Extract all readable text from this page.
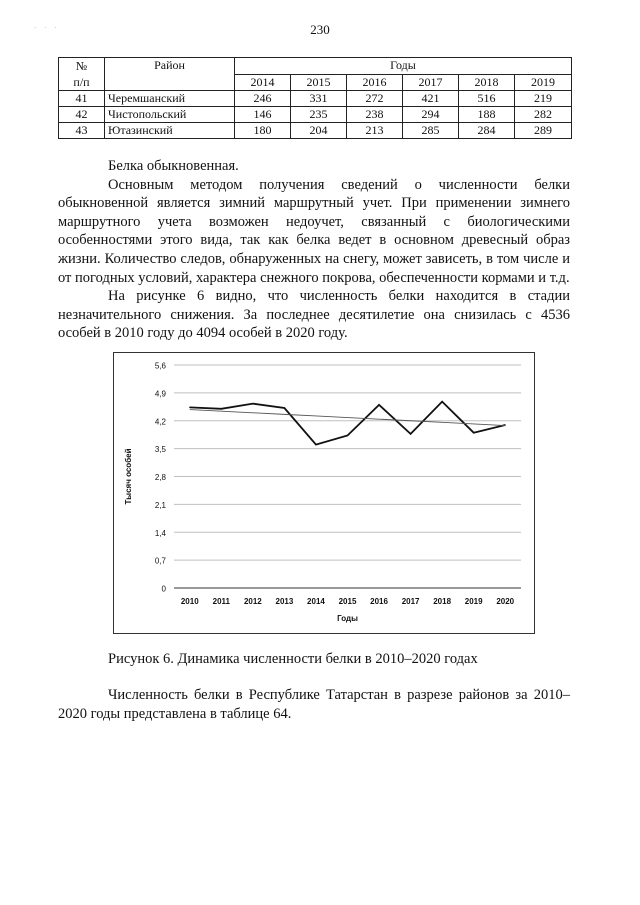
· · ·	230
№
п/п	Район	Годы					
		2014	2015	2016	2017	2018	2019
41	Черемшанский	246	331	272	421	516	219
42	Чистопольский	146	235	238	294	188	282
43	Ютазинский	180	204	213	285	284	289

Белка обыкновенная.

Основным методом получения сведений о численности белки обыкновенной является зимний маршрутный учет. При применении зимнего маршрутного учета возможен недоучет, связанный с биологическими особенностями этого вида, так как белка ведет в основном древесный образ жизни. Количество следов, обнаруженных на снегу, может зависеть, в том числе и от погодных условий, характера снежного покрова, обеспеченности кормами и т.д.

На рисунке 6 видно, что численность белки находится в стадии незначительного снижения. За последнее десятилетие она снизилась с 4536 особей в 2010 году до 4094 особей в 2020 году.

0
0,7
1,4
2,1
2,8
3,5
4,2
4,9
5,6
2010 2011 2012 2013 2014 2015 2016 2017 2018 2019 2020
Годы
Тысяч особей
Рисунок 6. Динамика численности белки в 2010–2020 годах

Численность белки в Республике Татарстан в разрезе районов за 2010–2020 годы представлена в таблице 64.
